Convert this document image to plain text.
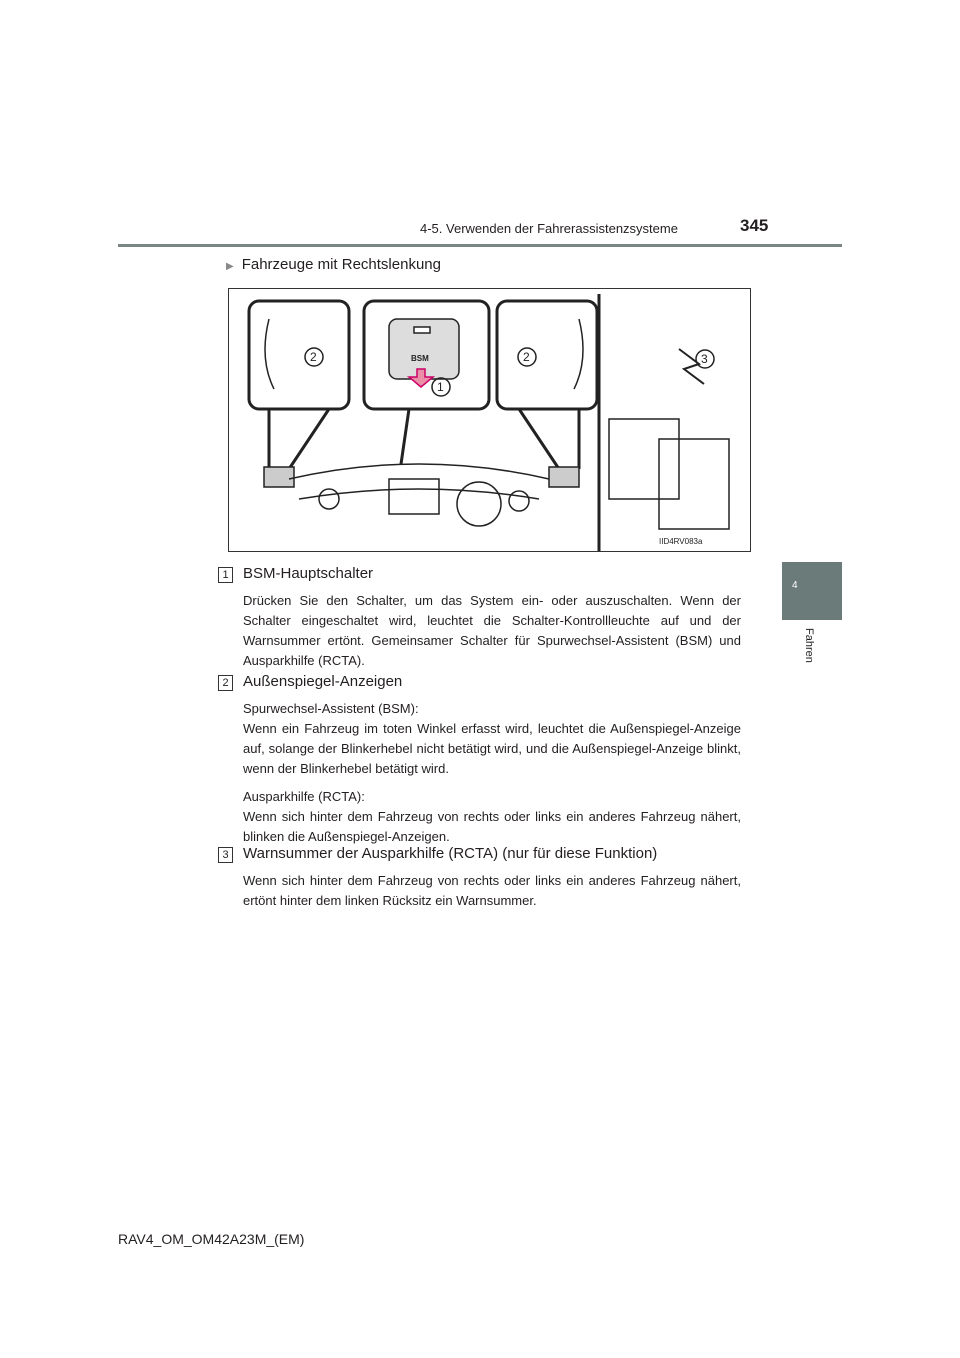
4-5. Verwenden der Fahrerassistenzsysteme	345
▶ Fahrzeuge mit Rechtslenkung
BSM
2	2
1
3
IID4RV083a
4
Fahren
1 BSM-Hauptschalter
Drücken Sie den Schalter, um das System ein- oder auszuschalten. Wenn der Schalter eingeschaltet wird, leuchtet die Schalter-Kontrollleuchte auf und der Warnsummer ertönt. Gemeinsamer Schalter für Spurwechsel-Assistent (BSM) und Ausparkhilfe (RCTA).
2 Außenspiegel-Anzeigen
Spurwechsel-Assistent (BSM):
Wenn ein Fahrzeug im toten Winkel erfasst wird, leuchtet die Außenspiegel-Anzeige auf, solange der Blinkerhebel nicht betätigt wird, und die Außenspiegel-Anzeige blinkt, wenn der Blinkerhebel betätigt wird.
Ausparkhilfe (RCTA):
Wenn sich hinter dem Fahrzeug von rechts oder links ein anderes Fahrzeug nähert, blinken die Außenspiegel-Anzeigen.
3 Warnsummer der Ausparkhilfe (RCTA) (nur für diese Funktion)
Wenn sich hinter dem Fahrzeug von rechts oder links ein anderes Fahrzeug nähert, ertönt hinter dem linken Rücksitz ein Warnsummer.
RAV4_OM_OM42A23M_(EM)
